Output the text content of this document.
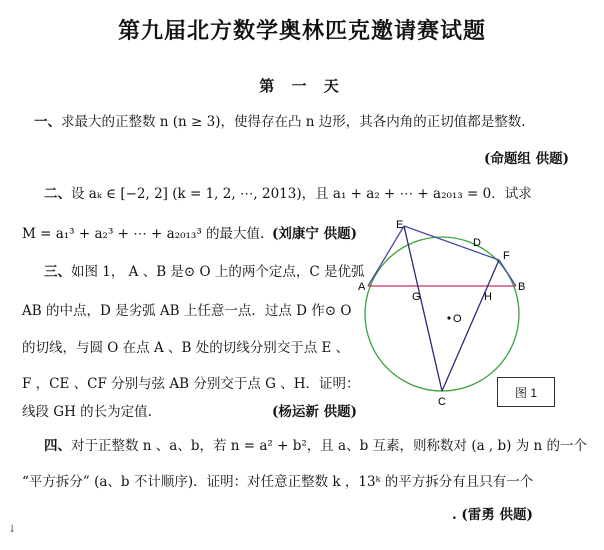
第九届北方数学奥林匹克邀请赛试题
第 一 天
一、求最大的正整数 n (n ≥ 3)，使得存在凸 n 边形，其各内角的正切值都是整数.
(命题组 供题)
二、设 aₖ ∈ [−2, 2] (k = 1, 2, ⋯, 2013)，且 a₁ + a₂ + ⋯ + a₂₀₁₃ = 0．试求
M = a₁³ + a₂³ + ⋯ + a₂₀₁₃³ 的最大值. (刘康宁 供题)
三、如图 1， A 、B 是⊙ O 上的两个定点，C 是优弧
AB 的中点，D 是劣弧 AB 上任意一点．过点 D 作⊙ O
的切线，与圆 O 在点 A 、B 处的切线分别交于点 E 、
F ，CE 、CF 分别与弦 AB 分别交于点 G 、H．证明：
线段 GH 的长为定值.	(杨运新 供题)
四、对于正整数 n 、a、b，若 n = a² + b²，且 a、b 互素，则称数对 (a , b) 为 n 的一个
“平方拆分” (a、b 不计顺序)．证明：对任意正整数 k ，13ᵏ 的平方拆分有且只有一个
. (雷勇 供题)
E
D
F
A
G	H
B
O
C
图 1
↓
